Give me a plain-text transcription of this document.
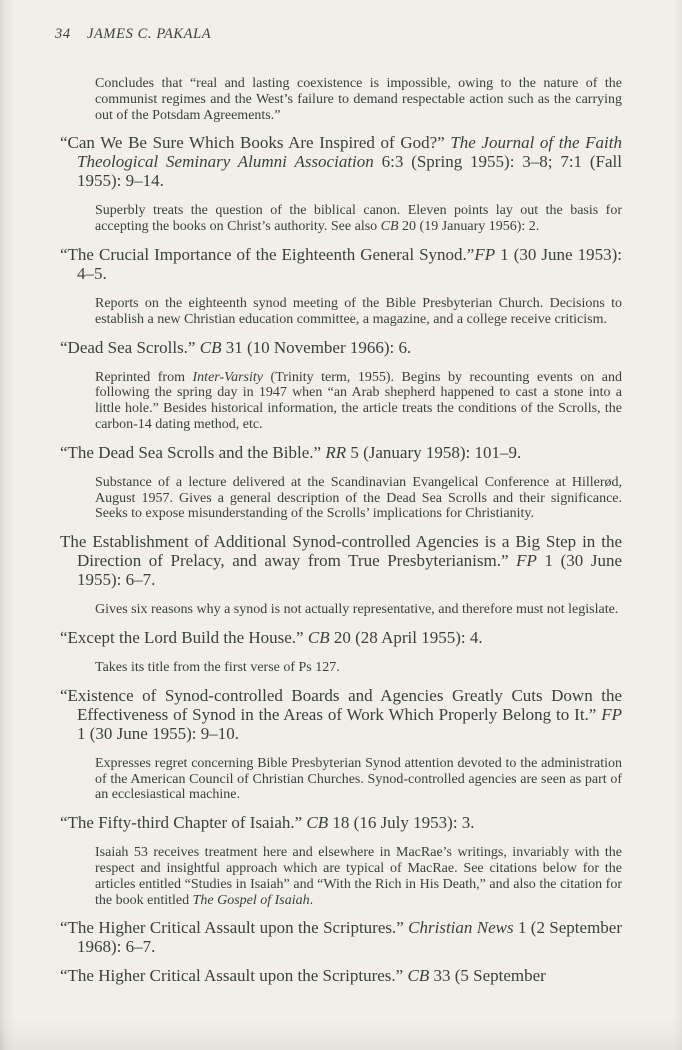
34 JAMES C. PAKALA

Concludes that “real and lasting coexistence is impossible, owing to the nature of the communist regimes and the West’s failure to demand respectable action such as the carrying out of the Potsdam Agreements.”

“Can We Be Sure Which Books Are Inspired of God?” The Journal of the Faith Theological Seminary Alumni Association 6:3 (Spring 1955): 3–8; 7:1 (Fall 1955): 9–14.

Superbly treats the question of the biblical canon. Eleven points lay out the basis for accepting the books on Christ’s authority. See also CB 20 (19 January 1956): 2.

“The Crucial Importance of the Eighteenth General Synod.”FP 1 (30 June 1953): 4–5.

Reports on the eighteenth synod meeting of the Bible Presbyterian Church. Decisions to establish a new Christian education committee, a magazine, and a college receive criticism.

“Dead Sea Scrolls.” CB 31 (10 November 1966): 6.

Reprinted from Inter-Varsity (Trinity term, 1955). Begins by recounting events on and following the spring day in 1947 when “an Arab shepherd happened to cast a stone into a little hole.” Besides historical information, the article treats the conditions of the Scrolls, the carbon-14 dating method, etc.

“The Dead Sea Scrolls and the Bible.” RR 5 (January 1958): 101–9.

Substance of a lecture delivered at the Scandinavian Evangelical Conference at Hillerød, August 1957. Gives a general description of the Dead Sea Scrolls and their significance. Seeks to expose misunderstanding of the Scrolls’ implications for Christianity.

The Establishment of Additional Synod-controlled Agencies is a Big Step in the Direction of Prelacy, and away from True Presbyterianism.” FP 1 (30 June 1955): 6–7.

Gives six reasons why a synod is not actually representative, and therefore must not legislate.

“Except the Lord Build the House.” CB 20 (28 April 1955): 4.

Takes its title from the first verse of Ps 127.

“Existence of Synod-controlled Boards and Agencies Greatly Cuts Down the Effectiveness of Synod in the Areas of Work Which Properly Belong to It.” FP 1 (30 June 1955): 9–10.

Expresses regret concerning Bible Presbyterian Synod attention devoted to the administration of the American Council of Christian Churches. Synod-controlled agencies are seen as part of an ecclesiastical machine.

“The Fifty-third Chapter of Isaiah.” CB 18 (16 July 1953): 3.

Isaiah 53 receives treatment here and elsewhere in MacRae’s writings, invariably with the respect and insightful approach which are typical of MacRae. See citations below for the articles entitled “Studies in Isaiah” and “With the Rich in His Death,” and also the citation for the book entitled The Gospel of Isaiah.

“The Higher Critical Assault upon the Scriptures.” Christian News 1 (2 September 1968): 6–7.

“The Higher Critical Assault upon the Scriptures.” CB 33 (5 September
